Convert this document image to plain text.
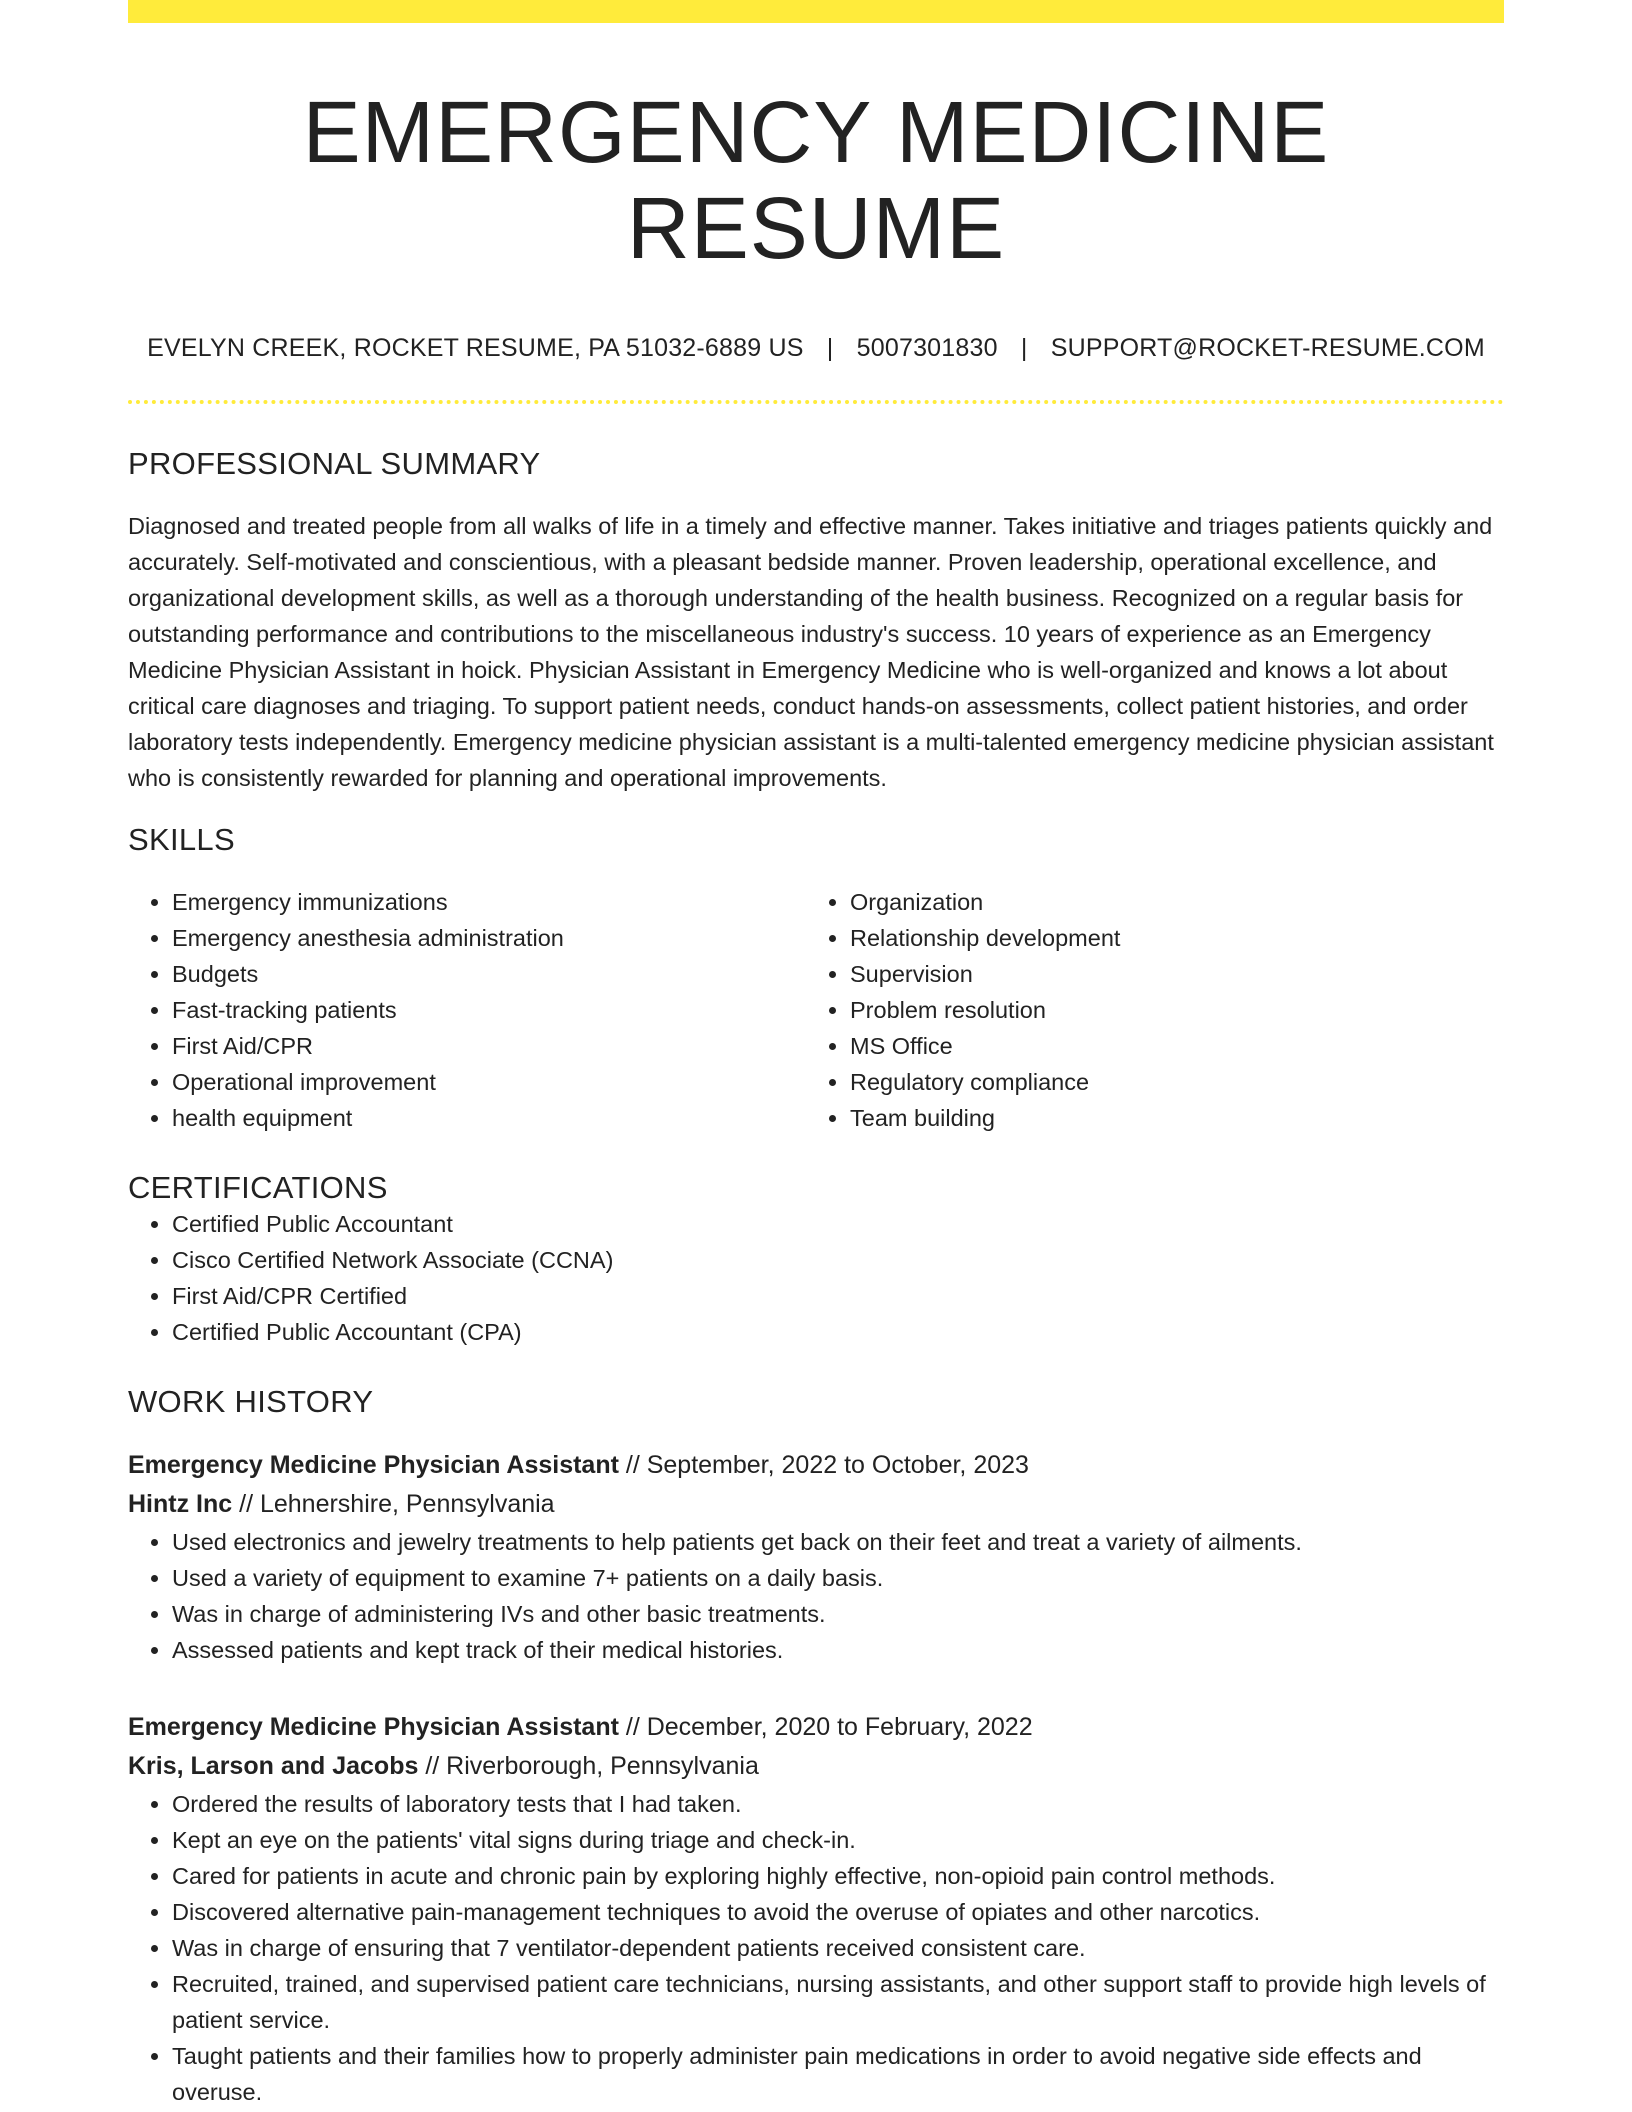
EMERGENCY MEDICINE RESUME
EVELYN CREEK, ROCKET RESUME, PA 51032-6889 US | 5007301830 | SUPPORT@ROCKET-RESUME.COM
PROFESSIONAL SUMMARY
Diagnosed and treated people from all walks of life in a timely and effective manner. Takes initiative and triages patients quickly and accurately. Self-motivated and conscientious, with a pleasant bedside manner. Proven leadership, operational excellence, and organizational development skills, as well as a thorough understanding of the health business. Recognized on a regular basis for outstanding performance and contributions to the miscellaneous industry's success. 10 years of experience as an Emergency Medicine Physician Assistant in hoick. Physician Assistant in Emergency Medicine who is well-organized and knows a lot about critical care diagnoses and triaging. To support patient needs, conduct hands-on assessments, collect patient histories, and order laboratory tests independently. Emergency medicine physician assistant is a multi-talented emergency medicine physician assistant who is consistently rewarded for planning and operational improvements.
SKILLS
• Emergency immunizations
• Emergency anesthesia administration
• Budgets
• Fast-tracking patients
• First Aid/CPR
• Operational improvement
• health equipment
• Organization
• Relationship development
• Supervision
• Problem resolution
• MS Office
• Regulatory compliance
• Team building
CERTIFICATIONS
• Certified Public Accountant
• Cisco Certified Network Associate (CCNA)
• First Aid/CPR Certified
• Certified Public Accountant (CPA)
WORK HISTORY
Emergency Medicine Physician Assistant // September, 2022 to October, 2023
Hintz Inc // Lehnershire, Pennsylvania
• Used electronics and jewelry treatments to help patients get back on their feet and treat a variety of ailments.
• Used a variety of equipment to examine 7+ patients on a daily basis.
• Was in charge of administering IVs and other basic treatments.
• Assessed patients and kept track of their medical histories.
Emergency Medicine Physician Assistant // December, 2020 to February, 2022
Kris, Larson and Jacobs // Riverborough, Pennsylvania
• Ordered the results of laboratory tests that I had taken.
• Kept an eye on the patients' vital signs during triage and check-in.
• Cared for patients in acute and chronic pain by exploring highly effective, non-opioid pain control methods.
• Discovered alternative pain-management techniques to avoid the overuse of opiates and other narcotics.
• Was in charge of ensuring that 7 ventilator-dependent patients received consistent care.
• Recruited, trained, and supervised patient care technicians, nursing assistants, and other support staff to provide high levels of patient service.
• Taught patients and their families how to properly administer pain medications in order to avoid negative side effects and overuse.
